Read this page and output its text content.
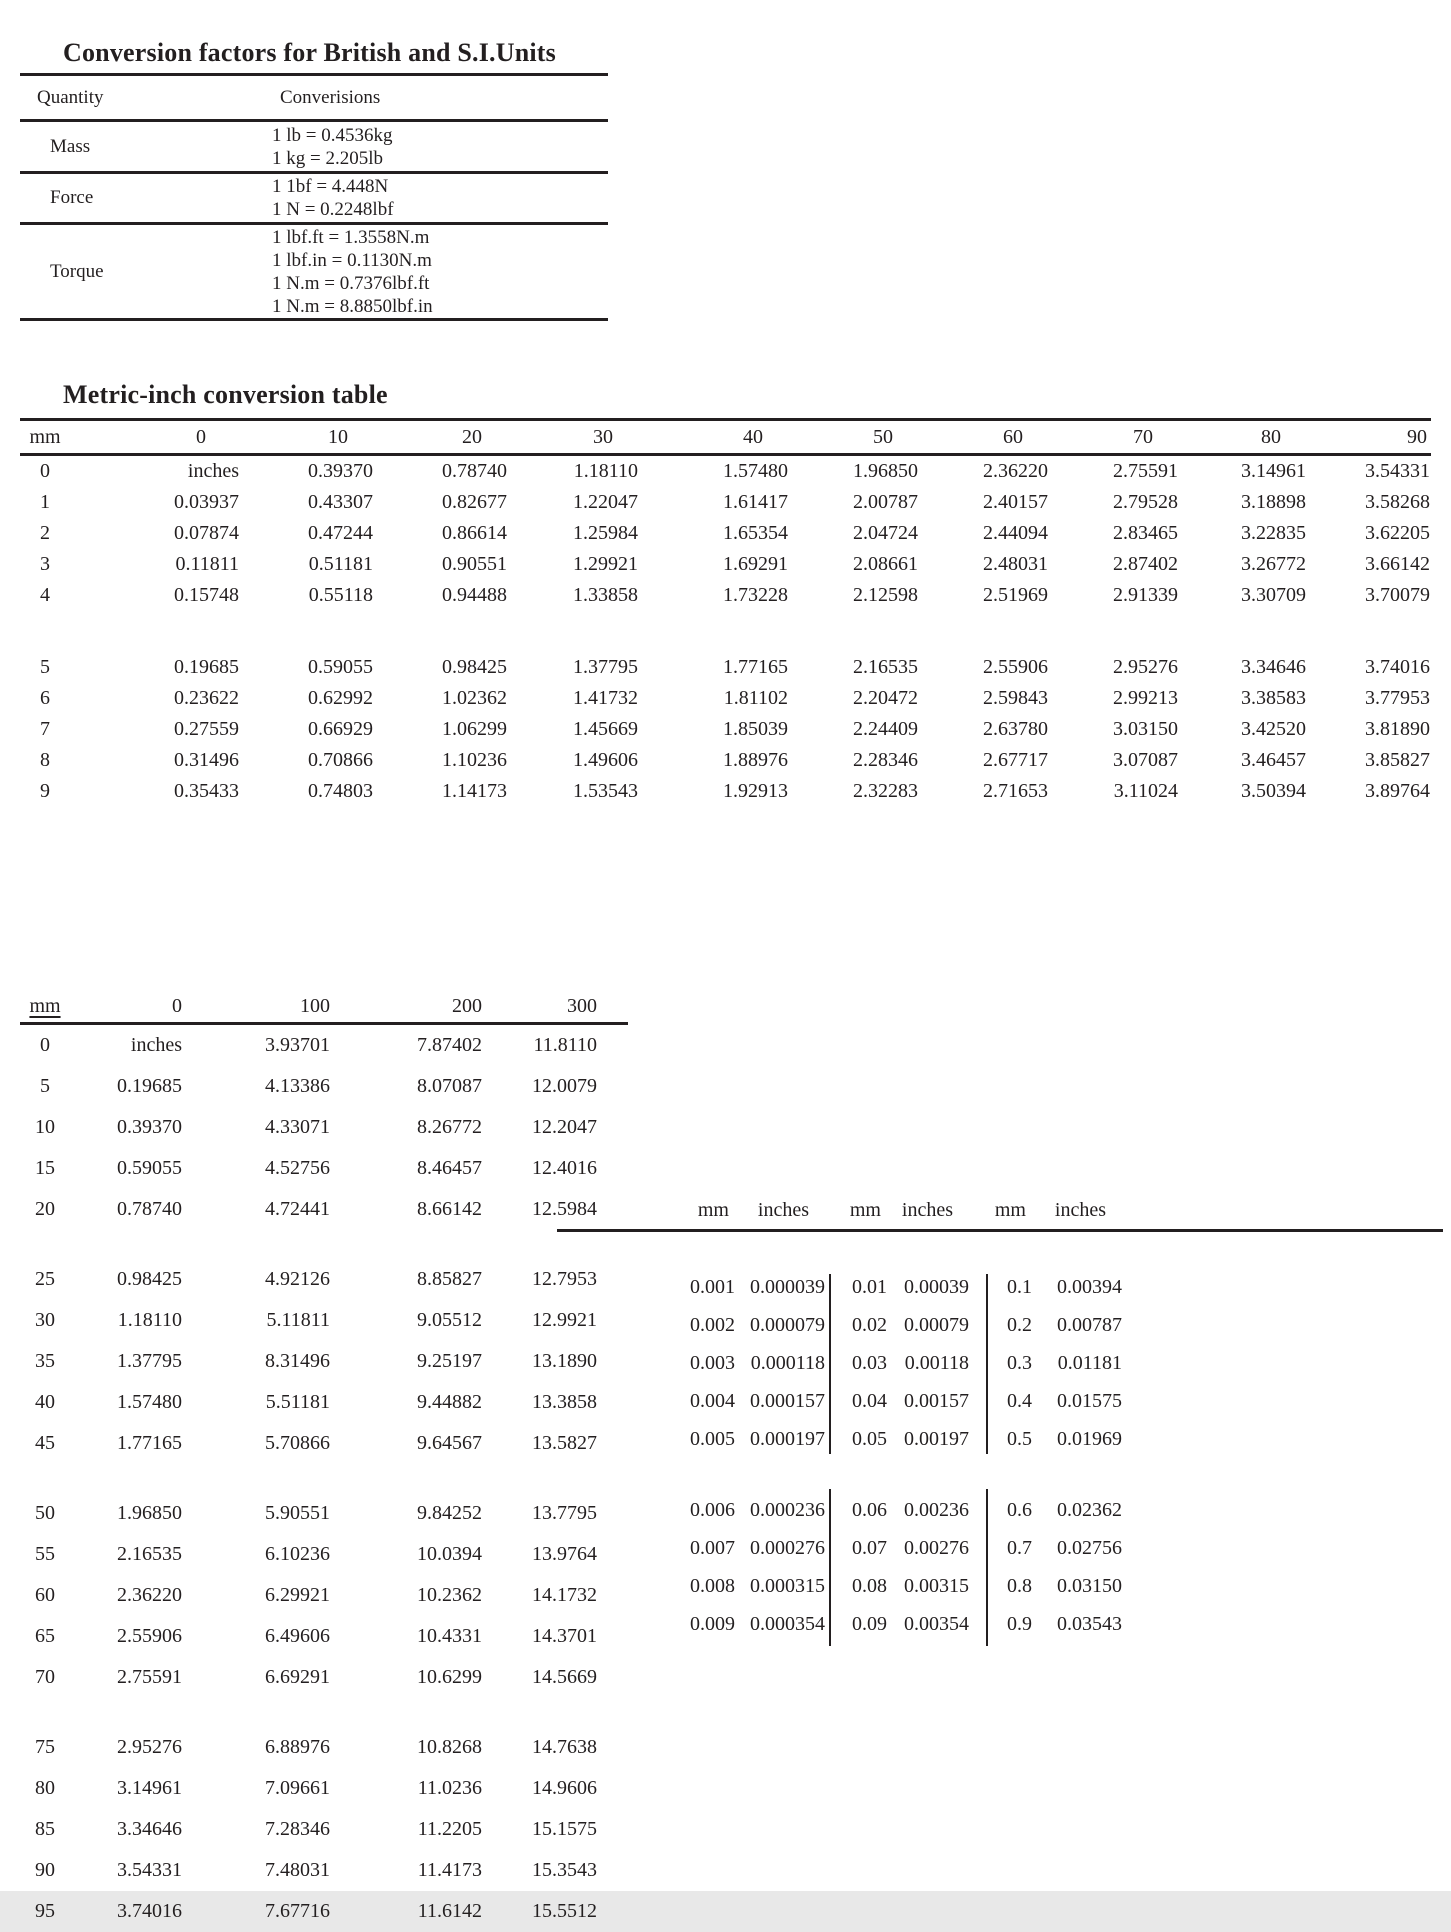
Conversion factors for British and S.I.Units
Quantity	Converisions
Mass
1 lb = 0.4536kg
1 kg = 2.205lb
Force
1 1bf = 4.448N
1 N = 0.2248lbf
Torque
1 lbf.ft = 1.3558N.m
1 lbf.in = 0.1130N.m
1 N.m = 0.7376lbf.ft
1 N.m = 8.8850lbf.in
Metric-inch conversion table
mm	0	10	20	30	40	50	60	70	80	90
0	inches	0.39370	0.78740	1.18110	1.57480	1.96850	2.36220	2.75591	3.14961	3.54331
1	0.03937	0.43307	0.82677	1.22047	1.61417	2.00787	2.40157	2.79528	3.18898	3.58268
2	0.07874	0.47244	0.86614	1.25984	1.65354	2.04724	2.44094	2.83465	3.22835	3.62205
3	0.11811	0.51181	0.90551	1.29921	1.69291	2.08661	2.48031	2.87402	3.26772	3.66142
4	0.15748	0.55118	0.94488	1.33858	1.73228	2.12598	2.51969	2.91339	3.30709	3.70079

5	0.19685	0.59055	0.98425	1.37795	1.77165	2.16535	2.55906	2.95276	3.34646	3.74016
6	0.23622	0.62992	1.02362	1.41732	1.81102	2.20472	2.59843	2.99213	3.38583	3.77953
7	0.27559	0.66929	1.06299	1.45669	1.85039	2.24409	2.63780	3.03150	3.42520	3.81890
8	0.31496	0.70866	1.10236	1.49606	1.88976	2.28346	2.67717	3.07087	3.46457	3.85827
9	0.35433	0.74803	1.14173	1.53543	1.92913	2.32283	2.71653	3.11024	3.50394	3.89764
mm	0	100	200	300	
0	inches	3.93701	7.87402	11.8110	
5	0.19685	4.13386	8.07087	12.0079	
10	0.39370	4.33071	8.26772	12.2047	
15	0.59055	4.52756	8.46457	12.4016	
20	0.78740	4.72441	8.66142	12.5984	

25	0.98425	4.92126	8.85827	12.7953	
30	1.18110	5.11811	9.05512	12.9921	
35	1.37795	8.31496	9.25197	13.1890	
40	1.57480	5.51181	9.44882	13.3858	
45	1.77165	5.70866	9.64567	13.5827	

50	1.96850	5.90551	9.84252	13.7795	
55	2.16535	6.10236	10.0394	13.9764	
60	2.36220	6.29921	10.2362	14.1732	
65	2.55906	6.49606	10.4331	14.3701	
70	2.75591	6.69291	10.6299	14.5669	

75	2.95276	6.88976	10.8268	14.7638	
80	3.14961	7.09661	11.0236	14.9606	
85	3.34646	7.28346	11.2205	15.1575	
90	3.54331	7.48031	11.4173	15.3543	
95	3.74016	7.67716	11.6142	15.5512	
mm	inches	mm	inches	mm	inches
0.001 0.000039	0.01 0.00039	0.1	0.00394
0.002 0.000079	0.02 0.00079	0.2	0.00787
0.003 0.000118	0.03 0.00118	0.3	0.01181
0.004 0.000157	0.04 0.00157	0.4	0.01575
0.005 0.000197	0.05 0.00197	0.5	0.01969
0.006 0.000236	0.06 0.00236	0.6	0.02362
0.007 0.000276	0.07 0.00276	0.7	0.02756
0.008 0.000315	0.08 0.00315	0.8	0.03150
0.009 0.000354	0.09 0.00354	0.9	0.03543
